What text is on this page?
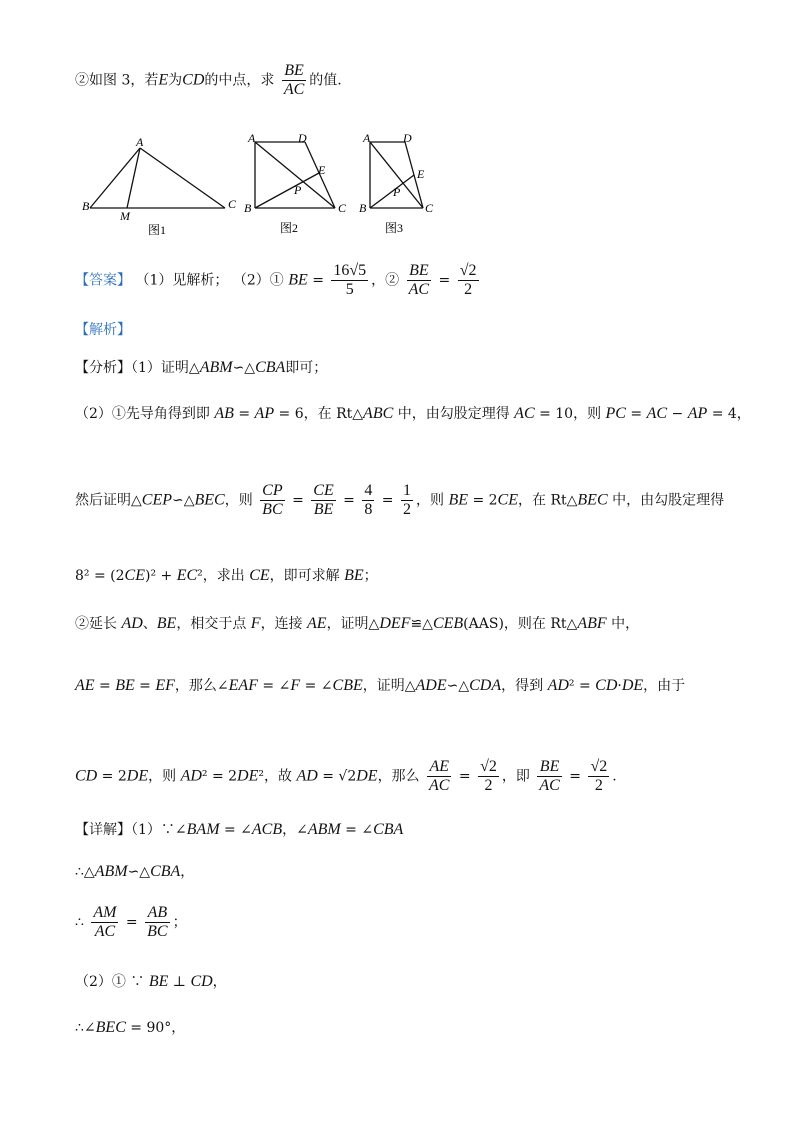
②如图 3，若E为CD的中点，求 $\frac{BE}{AC}$ 的值.
A
B
M
C
图1
A	D
E
P
B	C
图2
A	D
E
P
B	C
图3
【答案】 （1）见解析； （2）① BE = $\frac{16√5}{5}$ ，② $\frac{BE}{AC} = \frac{√2}{2}$
【解析】
【分析】（1）证明△ABM∽△CBA即可；
（2）①先导角得到即 AB = AP = 6，在 Rt△ABC 中，由勾股定理得 AC = 10，则 PC = AC − AP = 4，
然后证明△CEP∽△BEC，则 $\frac{CP}{BC} = \frac{CE}{BE} = \frac{4}{8} = \frac{1}{2}$ ，则 BE = 2CE，在 Rt△BEC 中，由勾股定理得
8² = (2CE)² + EC²，求出 CE，即可求解 BE；
②延长 AD、BE，相交于点 F，连接 AE，证明△DEF≌△CEB(AAS)，则在 Rt△ABF 中，
AE = BE = EF，那么∠EAF = ∠F = ∠CBE，证明△ADE∽△CDA，得到 AD² = CD·DE，由于
CD = 2DE，则 AD² = 2DE²，故 AD = √2DE，那么 $\frac{AE}{AC} = \frac{√2}{2}$ ，即 $\frac{BE}{AC} = \frac{√2}{2}$ .
【详解】（1）∵∠BAM = ∠ACB，∠ABM = ∠CBA
∴△ABM∽△CBA，
∴ $\frac{AM}{AC} = \frac{AB}{BC}$ ；
（2）① ∵ BE ⊥ CD，
∴∠BEC = 90°，
